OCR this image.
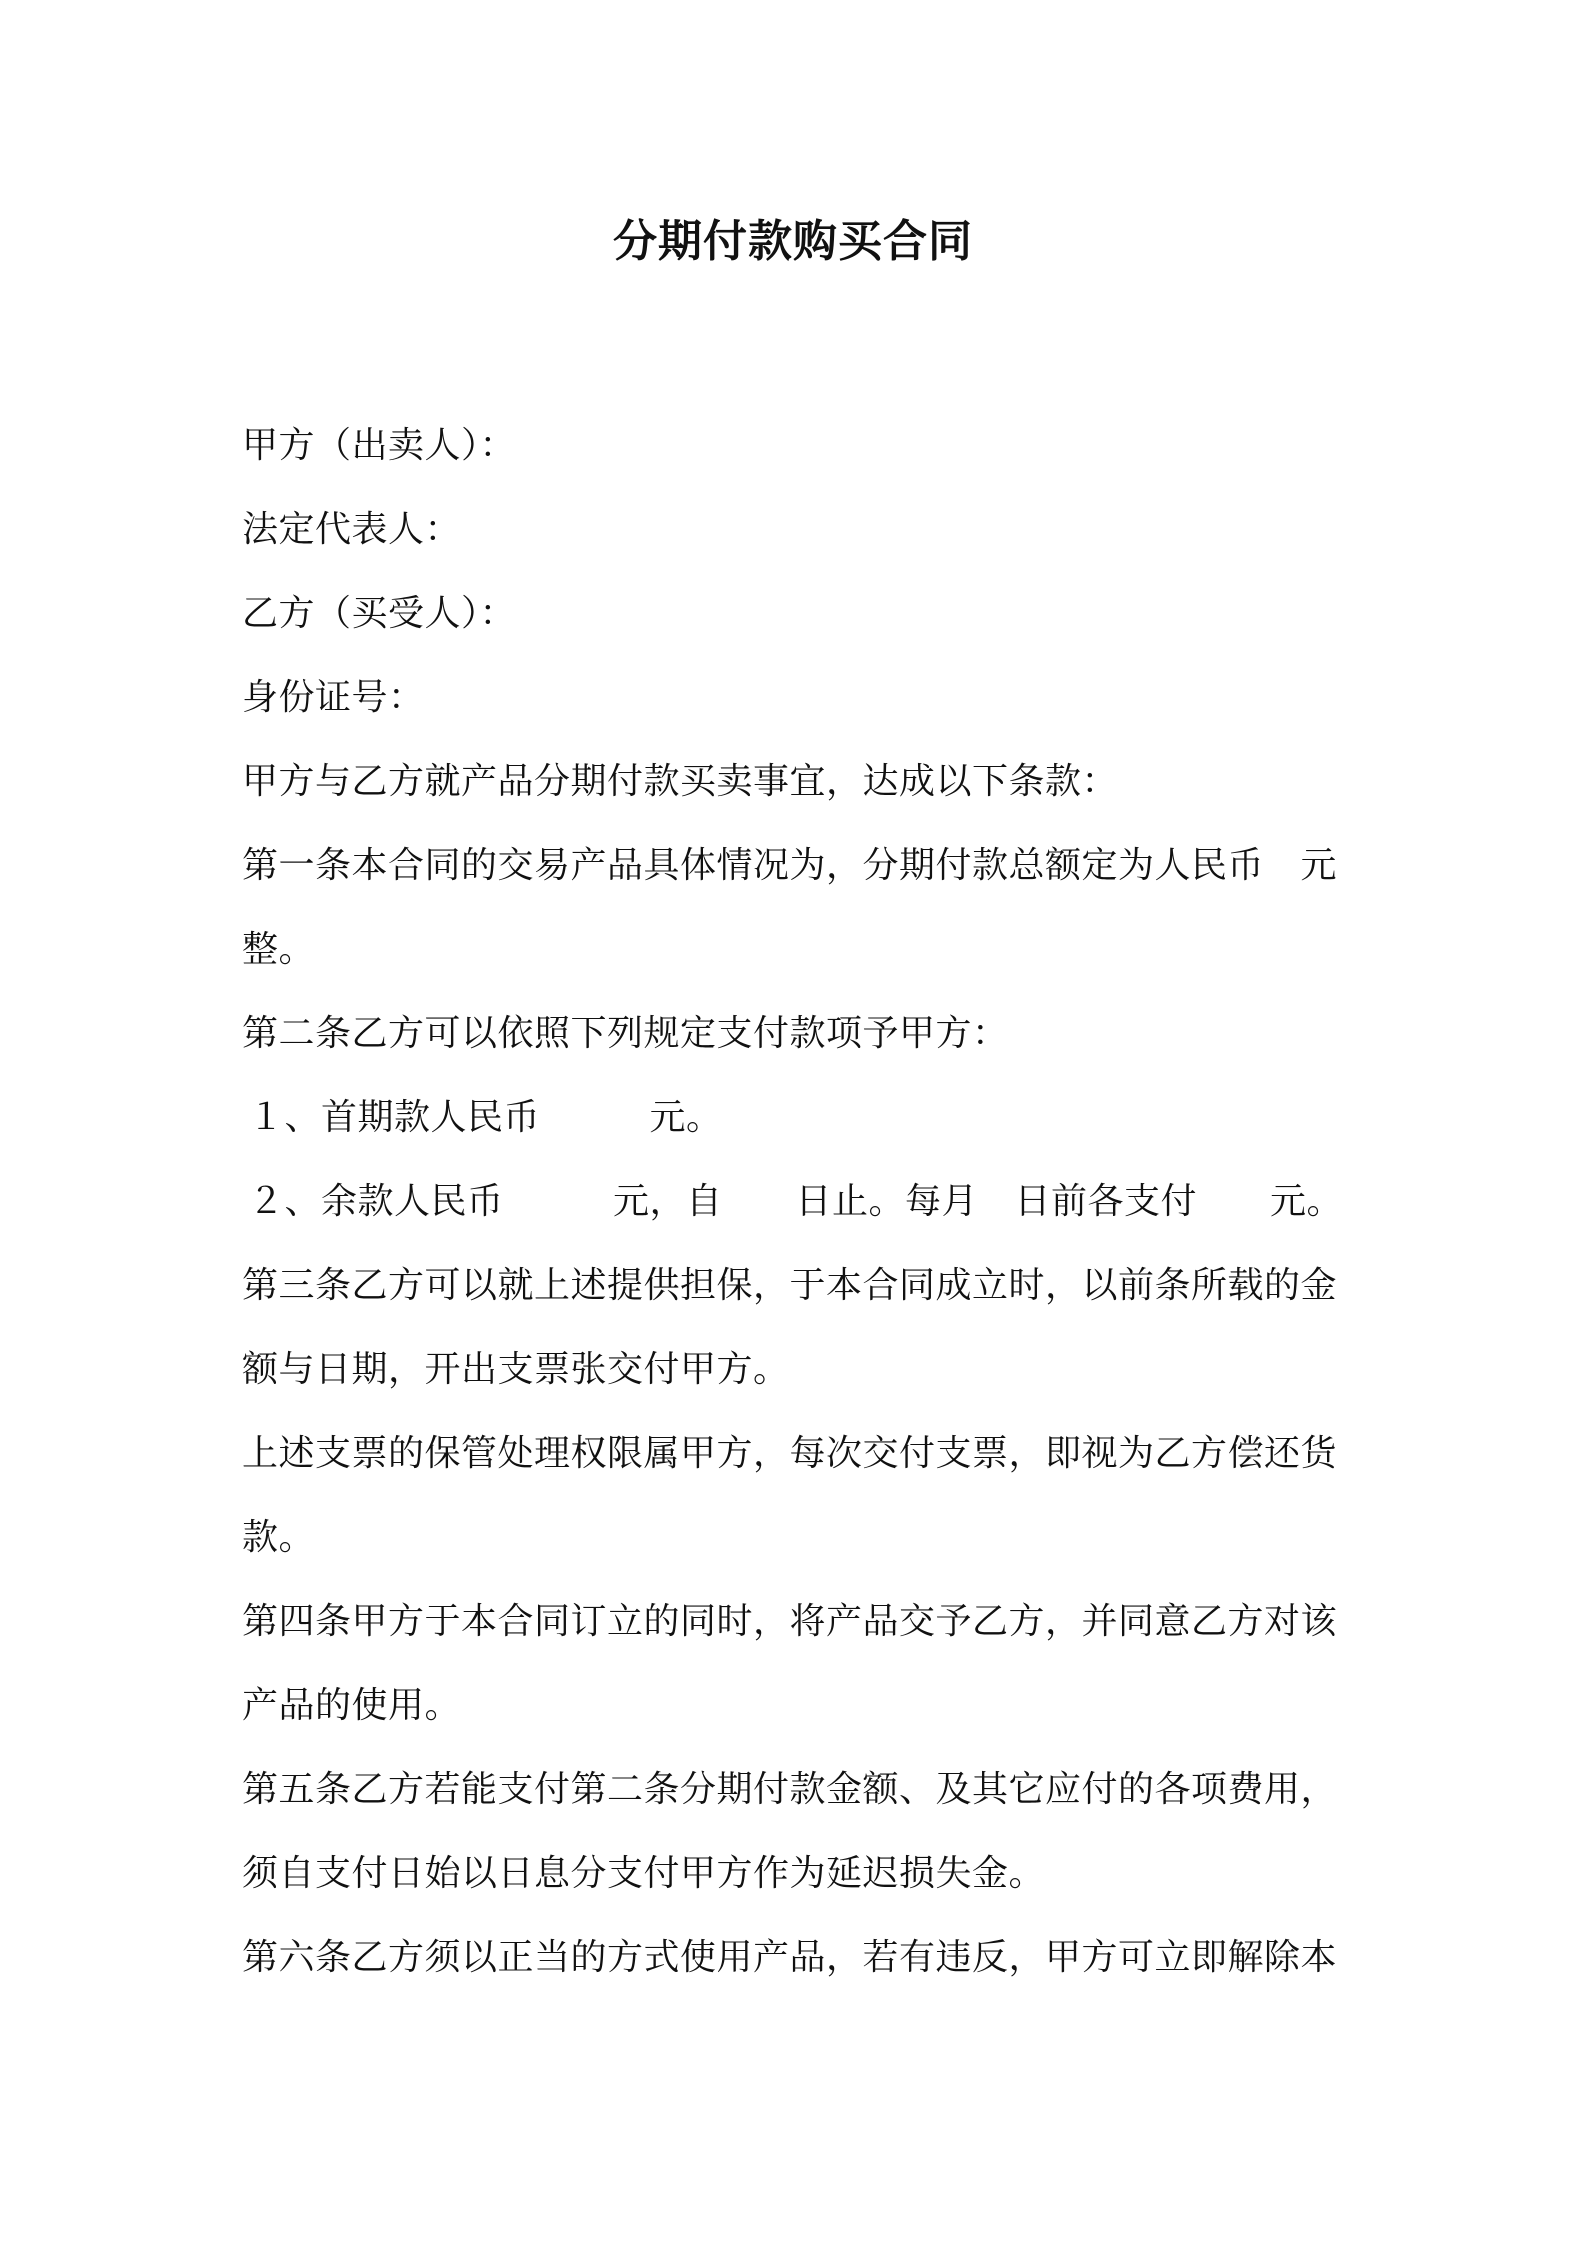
分期付款购买合同
甲方（出卖人）：
法定代表人：
乙方（买受人）：
身份证号：
甲方与乙方就产品分期付款买卖事宜，达成以下条款：
第一条本合同的交易产品具体情况为，分期付款总额定为人民币　元
整。
第二条乙方可以依照下列规定支付款项予甲方：
１、首期款人民币　　　元。
２、余款人民币　　　元，自　　日止。每月　日前各支付　　元。
第三条乙方可以就上述提供担保，于本合同成立时，以前条所载的金
额与日期，开出支票张交付甲方。
上述支票的保管处理权限属甲方，每次交付支票，即视为乙方偿还货
款。
第四条甲方于本合同订立的同时，将产品交予乙方，并同意乙方对该
产品的使用。
第五条乙方若能支付第二条分期付款金额、及其它应付的各项费用，
须自支付日始以日息分支付甲方作为延迟损失金。
第六条乙方须以正当的方式使用产品，若有违反，甲方可立即解除本
